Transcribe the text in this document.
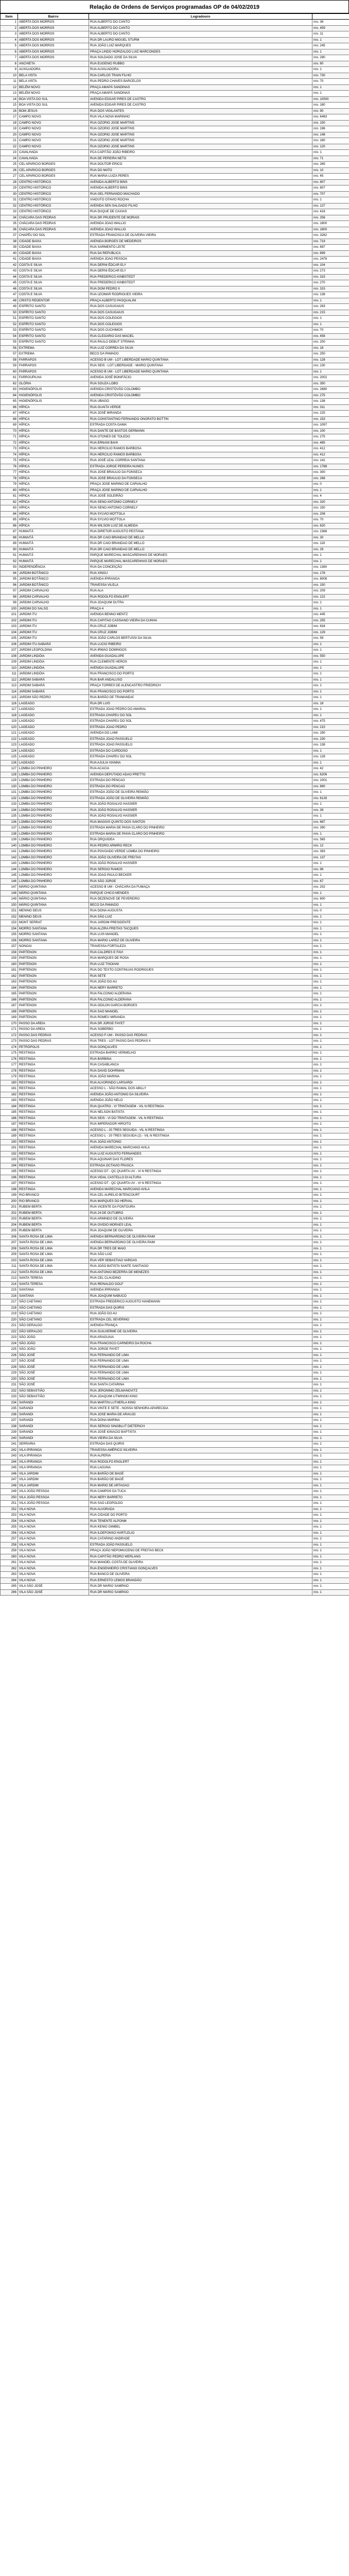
Relação de Ordens de Serviços programadas OP de 04/02/2019
Item	Bairro	Logradouro	
1	ABERTA DOS MORROS	RUA ALBERTO DO CANTO	nro. 36
2	ABERTA DOS MORROS	RUA ALBERTO DO CANTO	nro. 459
3	ABERTA DOS MORROS	RUA ALBERTO DO CANTO	nro. 11
4	ABERTA DOS MORROS	RUA DR LAURO MIGUEL STURM	nro. 1
5	ABERTA DOS MORROS	RUA JOÃO LUIZ MARQUES	nro. 245
6	ABERTA DOS MORROS	PRAÇA LINDO HORIZALDO LUIZ MARCONDES	nro. 1
7	ABERTA DOS MORROS	RUA SOLDADO JOSE DA SILVA	nro. 290
8	ANCHIETA	RUA EUGENIO RUBBO	nro. 80
9	AUXILIADORA	RUA AUXILIADORA	nro. 1
10	BELA VISTA	RUA CARLOS TRAIN FILHO	nro. 730
11	BELA VISTA	RUA PEDRO CHAVES BARCELOS	nro. 70
12	BELÉM NOVO	PRAÇA AMAPÁ SANDINAS	nro. 1
13	BELÉM NOVO	PRAÇA AMAPÁ SANDINAS	nro. 1
14	BOA VISTA DO SUL	AVENIDA EDGAR PIRES DE CASTRO	nro. 10500
15	BOA VISTA DO SUL	AVENIDA EDGAR PIRES DE CASTRO	nro. 180
16	BOM JESUS	RUA DOS VIGILANTES	nro. 90
17	CAMPO NOVO	RUA VILA NOVA MARINHO	nro. 6483
18	CAMPO NOVO	RUA OZORIO JOSE MARTINS	nro. 150
19	CAMPO NOVO	RUA OZORIO JOSE MARTINS	nro. 196
20	CAMPO NOVO	RUA OZORIO JOSE MARTINS	nro. 148
21	CAMPO NOVO	RUA OZORIO JOSE MARTINS	nro. 180
22	CAMPO NOVO	RUA OZORIO JOSE MARTINS	nro. 120
23	CAVALHADA	PCA CAPITÃO JOÃO RIBEIRO	nro. 1
24	CAVALHADA	RUA DE PEREIRA NETO	nro. 71
25	CEL APARICIO BORGES	RUA DOUTOR ERICO	nro. 265
26	CEL APARICIO BORGES	RUA DO MATO	nro. 10
27	CEL APARICIO BORGES	RUA MARIA LUIZA PERES	nro. 45
28	CENTRO HISTÓRICO	AVENIDA ALBERTO BINS	nro. 807
29	CENTRO HISTÓRICO	AVENIDA ALBERTO BINS	nro. 807
30	CENTRO HISTÓRICO	RUA GEL FERNANDO MACHADO	nro. 707
31	CENTRO HISTÓRICO	VIADUTO OTAVIO ROCHA	nro. 1
32	CENTRO HISTÓRICO	AVENIDA SEN SALGADO FILHO	nro. 127
33	CENTRO HISTÓRICO	RUA DUQUE DE CAXIAS	nro. 418
34	CHÁCARA DAS PEDRAS	RUA DR PRUDENTE DE MORAIS	nro. 256
35	CHÁCARA DAS PEDRAS	AVENIDA JOAO WALLIG	nro. 1800
36	CHÁCARA DAS PEDRAS	AVENIDA JOAO WALLIG	nro. 1800
37	CHAPÉU DO SOL	ESTRADA FRANCISCA DE OLIVEIRA VIEIRA	nro. 3262
38	CIDADE BAIXA	AVENIDA BORGES DE MEDEIROS	nro. 719
39	CIDADE BAIXA	RUA SARMENTO LEITE	nro. 697
40	CIDADE BAIXA	RUA DA REPUBLICA	nro. 699
41	CIDADE BAIXA	AVENIDA JOAO PESSOA	nro. 2478
42	COSTA E SILVA	RUA DERNI ÉDCAR ELY	nro. 104
43	COSTA E SILVA	RUA DERNI ÉDCAR ELY	nro. 273
44	COSTA E SILVA	RUA FREDERICO KINBSTEDT	nro. 315
45	COSTA E SILVA	RUA FREDERICO KINBSTEDT	nro. 270
46	COSTA E SILVA	RUA DOM PEDRO II	nro. 315
47	COSTA E SILVA	RUA LEOMAR RODRIGUES VIEIRA	nro. 138
48	CRISTO REDENTOR	PRAÇA ALBERTO PASQUALINI	nro. 1
49	ESPÍRITO SANTO	RUA DOS CASUGAIUS	nro. 263
50	ESPÍRITO SANTO	RUA DOS CASUGAIUS	nro. 215
51	ESPÍRITO SANTO	RUA DOS COLEGIOS	nro. 1
52	ESPÍRITO SANTO	RUA DOS COLEGIOS	nro. 1
53	ESPÍRITO SANTO	RUA DOS CUCHIMOS	nro. 70
54	ESPÍRITO SANTO	RUA CLEGARIO DAS MACIEL	nro. 456
55	ESPÍRITO SANTO	RUA PAULO DEBUT STRINHA	nro. 200
56	EXTREMA	RUA LUIZ CORREA DA SILVA	nro. 18
57	EXTREMA	BECO DA PAMADO	nro. 250
58	FARRAPOS	ACESSO B UM - LOT LIBERDADE MARIO QUINTANA	nro. 128
59	FARRAPOS	RUA SEIS - LOT LIBERDADE - MARIO QUINTANA	nro. 130
60	FARRAPOS	ACESSO B UM - LOT LIBERDADE MARIO QUINTANA	nro. 1
61	FARROUPILHA	AVENIDA JOSÉ BONIFÁCIO	nro. 2002
62	GLÓRIA	RUA SOUZA LOBO	nro. 350
63	HIGIENÓPOLIS	AVENIDA CRISTÓVÃO COLOMBO	nro. 2680
64	HIGIENÓPOLIS	AVENIDA CRISTÓVÃO COLOMBO	nro. 275
65	HIGIENÓPOLIS	RUA UBAGO	nro. 138
66	HÍPICA	RUA GUAITA VERDE	nro. 311
67	HÍPICA	RUA JOSÉ MIRANDA	nro. 225
68	HÍPICA	RUA CONSTANTINO FERNANDO ONORATO BOTTIN	nro. 153
69	HÍPICA	ESTRADA COSTA GAMA	nro. 1097
70	HÍPICA	RUA DANTE DE BASTOS GERMANN	nro. 100
71	HÍPICA	RUA OTONES DE TOLEDO	nro. 275
72	HÍPICA	RUA ERNANI BAHI	nro. 485
73	HÍPICA	RUA HERCILIO RAMOS BARBOSA	nro. 412
74	HÍPICA	RUA HERCILIO RAMOS BARBOSA	nro. 412
75	HÍPICA	RUA JOSÉ LEAL CORREIA SANTANA	nro. 141
76	HÍPICA	ESTRADA JORGE PEREIRA NUNES	nro. 1788
77	HÍPICA	RUA JOSE BRAULIO DA FONSECA	nro. 300
78	HÍPICA	RUA JOSE BRAULIO DA FONSECA	nro. 268
79	HÍPICA	PRAÇA JOSE MARINO DE CARVALHO	nro. 0
80	HÍPICA	PRAÇA JOSE MARINO DE CARVALHO	nro. 1
81	HÍPICA	RUA JOSÉ SOLEIRÃO	nro. 4
82	HÍPICA	RUA SENO ANTONIO CORNELY	nro. 320
83	HÍPICA	RUA SENO ANTONIO CORNELY	nro. 150
84	HÍPICA	RUA SYLVIO MOTTOLA	nro. 208
85	HÍPICA	RUA SYLVIO MOTTOLA	nro. 70
86	HÍPICA	RUA WILSON LUIZ DE ALMEIDA	nro. 620
87	HUMAITÁ	RUA DIRETOR AUGUSTO PESTANA	nro. 2368
88	HUMAITÁ	RUA DR CAIO BRANDAO DE MELLO	nro. 30
89	HUMAITÁ	RUA DR CAIO BRANDAO DE MELLO	nro. 119
90	HUMAITÁ	RUA DR CAIO BRANDAO DE MELLO	nro. 29
91	HUMAITÁ	PARQUE MARECHAL MASCARENHAS DE MORAES	nro. 1
92	HUMAITÁ	PARQUE MARECHAL MASCARENHAS DE MORAES	nro. 1
93	INDEPENDÊNCIA	RUA DA CONCEIÇÃO	nro. 1360
94	JARDIM BOTÂNICO	RUA XINGU	nro. 178
95	JARDIM BOTÂNICO	AVENIDA IPIRANGA	nro. 8008
96	JARDIM BOTÂNICO	TRAVESSA VILELA	nro. 150
97	JARDIM CARVALHO	RUA ALA	nro. 209
98	JARDIM CARVALHO	RUA RODOLFO ENGLERT	nro. 122
99	JARDIM CARVALHO	RUA JOAQUIM DUTRA	nro. 1
100	JARDIM DO SALSO	PRAÇA 4	nro. 1
101	JARDIM ITU	AVENIDA BENNO MENTZ	nro. 445
102	JARDIM ITU	RUA CAPITAO CASSIANO VIEIRA DA CUNHA	nro. 255
103	JARDIM ITU	RUA CRUZ JOBIM	nro. 634
104	JARDIM ITU	RUA CRUZ JOBIM	nro. 129
105	JARDIM ITU	RUA JOÃO CARLOS BERTUSSI DA SILVA	nro. 59
106	JARDIM ITU-SABARÁ	RUA LUCIO RIBEIRO	nro. 1
107	JARDIM LEOPOLDINA	RUA IRMAO DOMINGOS	nro. 1
108	JARDIM LINDÓIA	AVENIDA GUADALUPE	nro. 550
109	JARDIM LINDÓIA	RUA CLEMENTE HEROS	nro. 1
110	JARDIM LINDÓIA	AVENIDA GUADALUPE	nro. 1
111	JARDIM LINDÓIA	RUA FRANCISCO DO PORTO	nro. 1
112	JARDIM SABARÁ	RUA BAR ANDALUSO	nro. 1
113	JARDIM SABARÁ	PRAÇA TORRES DE ALENCASTRO FRIEDRICH	nro. 1
114	JARDIM SABARÁ	RUA FRANCISCO DO PORTO	nro. 1
115	JARDIM SÃO PEDRO	RUA BARÃO DE TRAMANDAÍ	nro. 1
116	LAGEADO	RUA DR LUIS	nro. 18
117	LAGEADO	ESTRADA JOAO PEDRO DO AMARAL	nro. 1
118	LAGEADO	ESTRADA CHAPEU DO SOL	nro. 1
119	LAGEADO	ESTRADA CHAPEU DO SOL	nro. 475
120	LAGEADO	ESTRADA JOAO PEDRO	nro. 215
121	LAGEADO	AVENIDA DO LAMI	nro. 190
122	LAGEADO	ESTRADA JOAO PASSUELO	nro. 230
123	LAGEADO	ESTRADA JOAO PASSUELO	nro. 138
124	LAGEADO	ESTRADA DO CARDOSO	nro. 1
125	LAGEADO	ESTRADA CHAPEU DO SOL	nro. 128
126	LAGEADO	RUA AJULIA VIANNA	nro. 1
127	LOMBA DO PINHEIRO	RUA ACACIA	nro. 42
128	LOMBA DO PINHEIRO	AVENIDA DEPUTADO ADAO PRETTO	nro. 6206
129	LOMBA DO PINHEIRO	ESTRADA DO PENCAO	nro. 1001
130	LOMBA DO PINHEIRO	ESTRADA DO PENCAO	nro. 890
131	LOMBA DO PINHEIRO	ESTRADA JOÃO DE OLIVEIRA REMIÃO	nro. 1
132	LOMBA DO PINHEIRO	ESTRADA JOÃO DE OLIVEIRA REMIÃO	nro. 6126
133	LOMBA DO PINHEIRO	RUA JOÃO ROSALVO HASSIER	nro. 1
134	LOMBA DO PINHEIRO	RUA JOÃO ROSALVO HASSIER	nro. 39
135	LOMBA DO PINHEIRO	RUA JOÃO ROSALVO HASSIER	nro. 1
136	LOMBA DO PINHEIRO	RUA MAGGIS QUINTO DOS SANTOS	nro. 687
137	LOMBA DO PINHEIRO	ESTRADA MARIA DE PAIVA CLARO DO PINHEIRO	nro. 390
138	LOMBA DO PINHEIRO	ESTRADA MARIA DE PAIVA CLARO DO PINHEIRO	nro. 1
139	LOMBA DO PINHEIRO	RUA ORQUIDEA	nro. 565
140	LOMBA DO PINHEIRO	RUA PEDRO ARMIRO RECK	nro. 12
141	LOMBA DO PINHEIRO	RUA POVOADO VERDE LOMBA DO PINHEIRO	nro. 393
142	LOMBA DO PINHEIRO	RUA JOÃO OLIVEIRA DE FREITAS	nro. 137
143	LOMBA DO PINHEIRO	RUA JOÃO ROSALVO HASSIER	nro. 1
144	LOMBA DO PINHEIRO	RUA SERGIO RAMOS	nro. 96
145	LOMBA DO PINHEIRO	RUA JOAO PAULO BECKER	nro. 1
146	LOMBA DO PINHEIRO	RUA SÃO JORGE	nro. 67
147	MÁRIO QUINTANA	ACESSO B UM - CHÁCARA DA FUMAÇA	nro. 202
148	MÁRIO QUINTANA	PARQUE CHICO MENDES	nro. 1
149	MÁRIO QUINTANA	RUA DEZENOVE DE FEVEREIRO	nro. 600
150	MÁRIO QUINTANA	BECO DA PAMADO	nro. 1
151	MENINO DEUS	RUA DONA AUGUSTA	nro. 0
152	MENINO DEUS	RUA SÃO LUIZ	nro. 1
153	MONT SERRAT	RUA JARDIM PRESIDENTE	nro. 1
154	MORRO SANTANA	RUA ALZIRA FREITAS TACQUES	nro. 1
155	MORRO SANTANA	RUA LUIS MANOEL	nro. 1
156	MORRO SANTANA	RUA MARIO LAREZ DE OLIVEIRA	nro. 1
157	NONOAI	TRAVESSA FORTALEZA	nro. 1
158	PARTENON	RUA CALDRES E FAVI	nro. 1
159	PARTENON	RUA MARQUES DE ROSA	nro. 1
160	PARTENON	RUA LUIZ TISOIANI	nro. 1
161	PARTENON	RUA DO TEXTO CONTINUAS RODRIGUES	nro. 1
162	PARTENON	RUA SETE	nro. 1
163	PARTENON	RUA JOÃO DO AU	nro. 1
164	PARTENON	RUA NERY BARRETO	nro. 1
165	PARTENON	RUA FALCONIO ALDERANA	nro. 1
166	PARTENON	RUA FALCONIO ALDERANA	nro. 1
167	PARTENON	RUA ODILON GARCIA BORGES	nro. 1
168	PARTENON	RUA SAO MANOEL	nro. 1
169	PARTENON	RUA ROMEU MIRANDA	nro. 1
170	PASSO DA AREIA	RUA DR JORGE FAYET	nro. 1
171	PASSO DA AREIA	RUA SOBERBO	nro. 1
172	PASSO DAS PEDRAS	ACESSO F-UM - PASSO DAS PEDRAS	nro. 1
173	PASSO DAS PEDRAS	RUA TRES - LOT PASSO DAS PEDRAS II	nro. 1
174	PETRÓPOLIS	RUA GONÇALVES	nro. 1
175	RESTINGA	ESTRADA BARRO VERMELHO	nro. 1
176	RESTINGA	RUA BARBINA	nro. 1
177	RESTINGA	RUA CASABLANCA	nro. 1
178	RESTINGA	RUA DAVID DOHRMAN	nro. 1
179	RESTINGA	RUA JOÃO MARINA	nro. 1
180	RESTINGA	RUA ALVORINDO LARSARDI	nro. 1
181	RESTINGA	ACESSO L - SÃO RAMAL DOS ABILLY	nro. 1
182	RESTINGA	AVENIDA JOÃO ANTONIO DA SILVEIRA	nro. 1
183	RESTINGA	AVENIDA JOÃO NELO	nro. 1
184	RESTINGA	RUA QUATRO - VI TRINTAGEM - VIL N RESTINGA	nro. 1
185	RESTINGA	RUA NELSON BATISTA	nro. 1
186	RESTINGA	RUA SEIS - VI DO TRINTAGEM - VIL N RESTINGA	nro. 1
187	RESTINGA	RUA IMPERADOR HIROITO	nro. 1
188	RESTINGA	ACESSO L - 20 TRES SEGUIDA - VIL N RESTINGA	nro. 1
189	RESTINGA	ACESSO L - 20 TRES SEGUIDA (2) - VIL N RESTINGA	nro. 1
190	RESTINGA	RUA JOÃO ANTONIO	nro. 1
191	RESTINGA	AVENIDA MARECHAL MARCIANO AVILA	nro. 1
192	RESTINGA	RUA LUIZ AUGUSTO FERNANDES	nro. 1
193	RESTINGA	RUA AQUINAR DAS FLORES	nro. 1
194	RESTINGA	ESTRADA OCTAVIO FRASCA	nro. 1
195	RESTINGA	ACESSO DT - QC QUARTA UV - VI N RESTINGA	nro. 1
196	RESTINGA	RUA VIDAL CASTELLO DI ALTURA	nro. 1
197	RESTINGA	ACESSO DT - QC QUARTA UV - VI N RESTINGA	nro. 1
198	RESTINGA	AVENIDA MARECHAL MARCIANO AVILA	nro. 1
199	RIO BRANCO	RUA CEL AURELIO BITENCOURT	nro. 1
200	RIO BRANCO	RUA MARQUES DO HERVAL	nro. 1
201	RUBEM BERTA	RUA VICENTE DA FONTOURA	nro. 1
202	RUBEM BERTA	RUA 24 DE OUTUBRO	nro. 1
203	RUBEM BERTA	RUA ARMINDO DE OLIVEIRA	nro. 1
204	RUBEM BERTA	RUA OVIDIO MORAES LEAL	nro. 1
205	RUBEM BERTA	RUA JOAQUIM DE OLIVEIRA	nro. 1
206	SANTA ROSA DE LIMA	AVENIDA BERNARDINO DE OLIVEIRA PAIM	nro. 1
207	SANTA ROSA DE LIMA	AVENIDA BERNARDINO DE OLIVEIRA PAIM	nro. 1
208	SANTA ROSA DE LIMA	RUA DR TRES DE MAIO	nro. 1
209	SANTA ROSA DE LIMA	RUA SÃO LUIZ	nro. 1
210	SANTA ROSA DE LIMA	RUA VER SEBASTIAO VARGAS	nro. 1
211	SANTA ROSA DE LIMA	RUA JOÃO BATISTA SANTE SANTIAGO	nro. 1
212	SANTA ROSA DE LIMA	RUA ANTONIO BEZERRA DE MENEZES	nro. 1
213	SANTA TERESA	RUA CEL CLAUDINO	nro. 1
214	SANTA TERESA	RUA REINALDO GOLF	nro. 1
215	SANTANA	AVENIDA IPIRANGA	nro. 1
216	SANTANA	RUA JOAQUIM NABUCO	nro. 1
217	SÃO CAETANO	ESTRADA FREDERICO AUGUSTO HANEMANN	nro. 1
218	SÃO CAETANO	ESTRADA DAS QUIRIS	nro. 1
219	SÃO CAETANO	RUA JOÃO DO AU	nro. 1
220	SÃO CAETANO	ESTRADA CEL SEVERINO	nro. 1
221	SÃO GERALDO	AVENIDA FRANÇA	nro. 1
222	SÃO GERALDO	RUA GUILHERME DE OLIVEIRA	nro. 1
223	SÃO JOÃO	RUA ARAGUAIA	nro. 1
224	SÃO JOÃO	RUA FRANCISCO CARNEIRO DA ROCHA	nro. 1
225	SÃO JOÃO	RUA JORGE FAYET	nro. 1
226	SÃO JOSÉ	RUA FERNANDO DE LIMA	nro. 1
227	SÃO JOSÉ	RUA FERNANDO DE LIMA	nro. 1
228	SÃO JOSÉ	RUA FERNANDO DE LIMA	nro. 1
229	SÃO JOSÉ	RUA FERNANDO DE LIMA	nro. 1
230	SÃO JOSÉ	RUA FERNANDO DE LIMA	nro. 1
231	SÃO JOSÉ	RUA SANTA CATARINA	nro. 1
232	SÃO SEBASTIÃO	RUA JERONIMO ZELMANOVITZ	nro. 1
233	SÃO SEBASTIÃO	RUA JOAQUIM LITWINSKI KING	nro. 1
234	SARANDI	RUA MARTIN LUTHERLA KING	nro. 1
235	SARANDI	RUA VINTE E SETE - NOSSA SENHORA APARECIDA	nro. 1
236	SARANDI	RUA JOSE MARIA DE ARAUJO	nro. 1
237	SARANDI	RUA DONA MARINA	nro. 1
238	SARANDI	RUA SERGIO SINGBLUT DIETERICH	nro. 1
239	SARANDI	RUA JOSÉ IGNACIO BAPTISTA	nro. 1
240	SARANDI	RUA VIEIRA DA SILVA	nro. 1
241	SERRARIA	ESTRADA DAS QUIRIS	nro. 1
242	VILA IPIRANGA	TRAVESSA AMÉRICO SILVEIRA	nro. 1
243	VILA IPIRANGA	RUA ALPERIA	nro. 1
244	VILA IPIRANGA	RUA RODOLFO ENGLERT	nro. 1
245	VILA IPIRANGA	RUA LAGUNA	nro. 1
246	VILA JARDIM	RUA BARÃO DE BAGÉ	nro. 1
247	VILA JARDIM	RUA BARÃO DE BAGÉ	nro. 1
248	VILA JARDIM	RUA MARIO DE ARTAGAO	nro. 1
249	VILA JOÃO PESSOA	RUA CAMPOS DA TUCA	nro. 1
250	VILA JOÃO PESSOA	RUA NERY BARRETO	nro. 1
251	VILA JOÃO PESSOA	RUA SAO LEOPOLDO	nro. 1
252	VILA NOVA	RUA ALVORADA	nro. 1
253	VILA NOVA	RUA CIDADE DO PORTO	nro. 1
254	VILA NOVA	RUA TENENTE ALPONM	nro. 1
255	VILA NOVA	RUA KENIO GIMBEL	nro. 1
256	VILA NOVA	RUA ILDEFONSO HARTLELIO	nro. 1
257	VILA NOVA	RUA CATARINO ANDRADE	nro. 1
258	VILA NOVA	ESTRADA JOÃO PASSUELO	nro. 1
259	VILA NOVA	PRAÇA JOÃO NEPOMUCENO DE FREITAS BECK	nro. 1
260	VILA NOVA	RUA CAPITÃO PEDRO WERLANG	nro. 1
261	VILA NOVA	RUA MANOEL COSTA DE OLIVEIRA	nro. 1
262	VILA NOVA	RUA ENGENHEIRO CRISTIANO GONÇALVES	nro. 1
263	VILA NOVA	RUA BANCO DE OLIVEIRA	nro. 1
264	VILA NOVA	RUA ERNESTO LEMOS BRANDÃO	nro. 1
265	VILA SÃO JOSÉ	RUA DR MARIO SAMPAIO	nro. 1
266	VILA SÃO JOSÉ	RUA DR MARIO SAMPAIO	nro. 1
